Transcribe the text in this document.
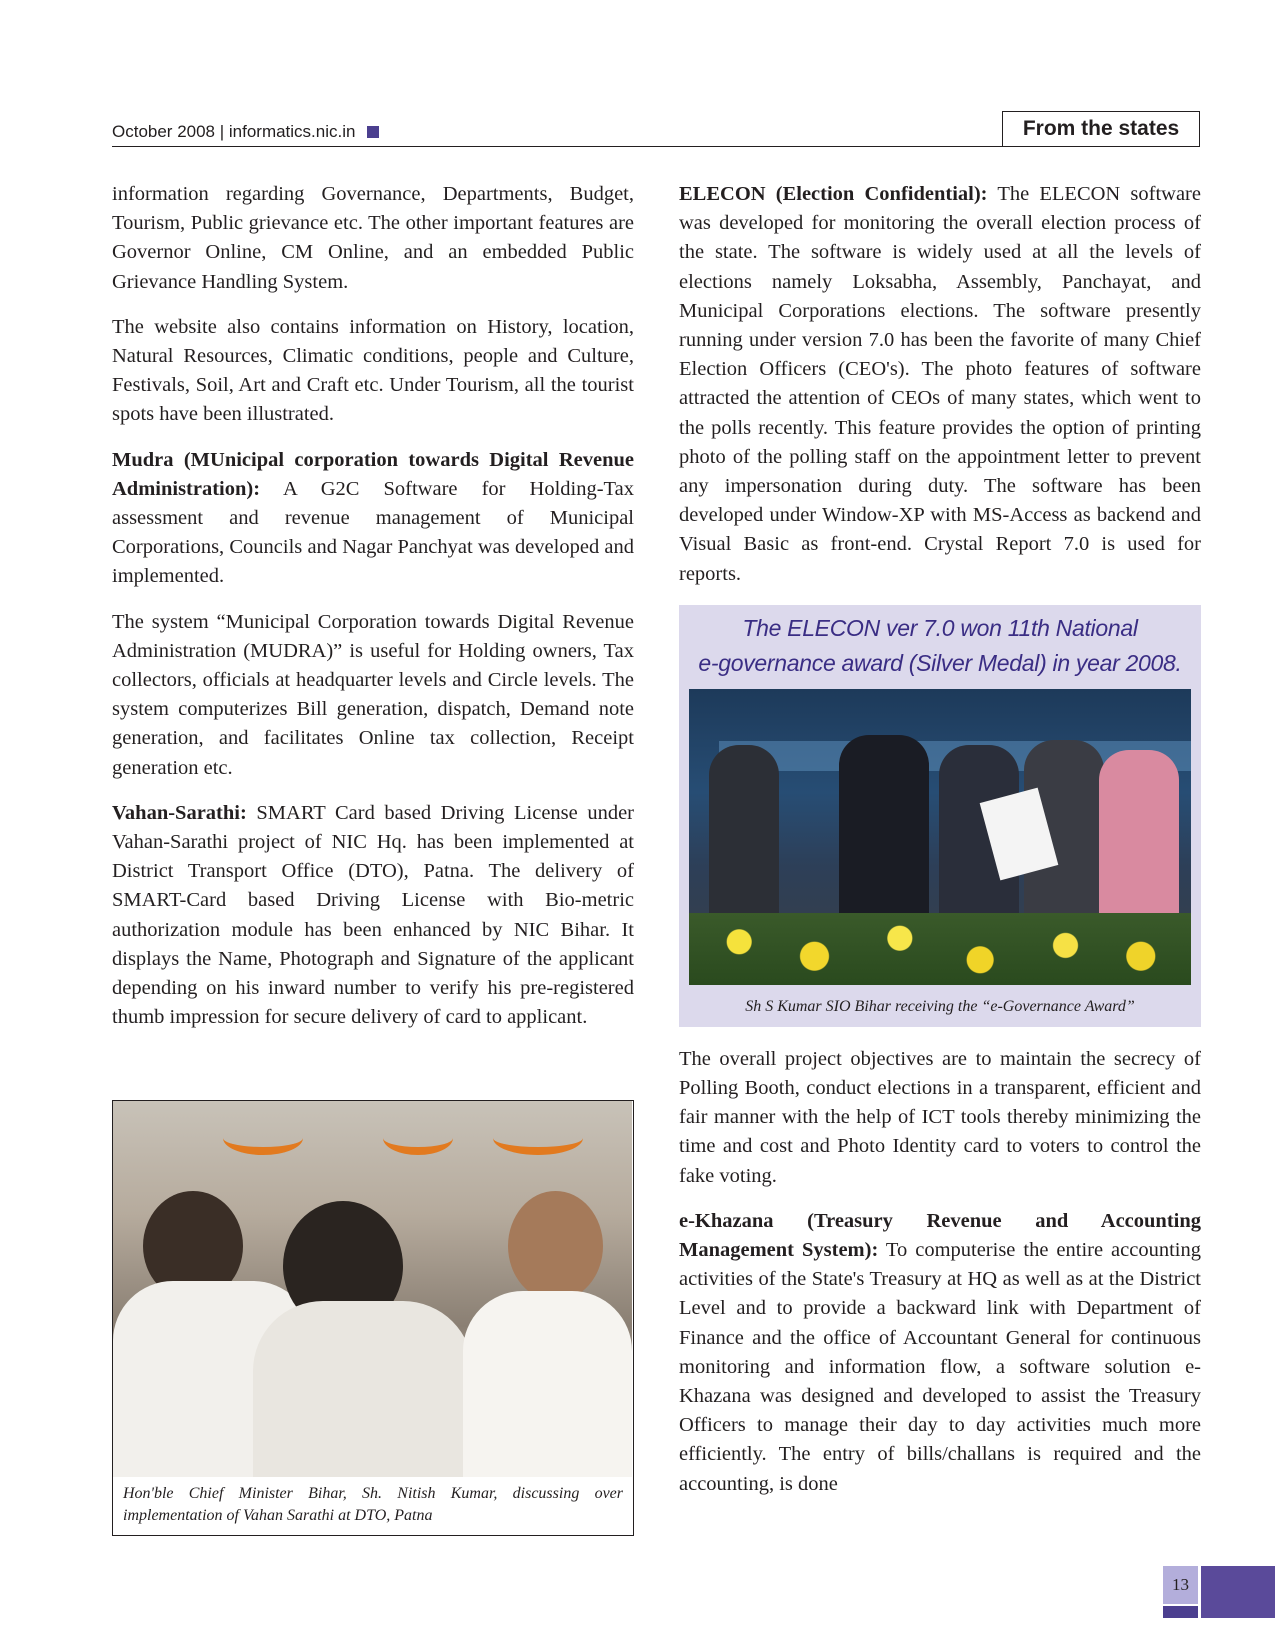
October 2008 | informatics.nic.in	From the states

information regarding Governance, Departments, Budget, Tourism, Public grievance etc. The other important features are Governor Online, CM Online, and an embedded Public Grievance Handling System.

The website also contains information on History, location, Natural Resources, Climatic conditions, people and Culture, Festivals, Soil, Art and Craft etc. Under Tourism, all the tourist spots have been illustrated.

Mudra (MUnicipal corporation towards Digital Revenue Administration): A G2C Software for Holding-Tax assessment and revenue management of Municipal Corporations, Councils and Nagar Panchyat was developed and implemented.

The system “Municipal Corporation towards Digital Revenue Administration (MUDRA)” is useful for Holding owners, Tax collectors, officials at headquarter levels and Circle levels. The system computerizes Bill generation, dispatch, Demand note generation, and facilitates Online tax collection, Receipt generation etc.

Vahan-Sarathi: SMART Card based Driving License under Vahan-Sarathi project of NIC Hq. has been implemented at District Transport Office (DTO), Patna. The delivery of SMART-Card based Driving License with Bio-metric authorization module has been enhanced by NIC Bihar. It displays the Name, Photograph and Signature of the applicant depending on his inward number to verify his pre-registered thumb impression for secure delivery of card to applicant.

Hon'ble Chief Minister Bihar, Sh. Nitish Kumar, discussing over implementation of Vahan Sarathi at DTO, Patna

ELECON (Election Confidential): The ELECON software was developed for monitoring the overall election process of the state. The software is widely used at all the levels of elections namely Loksabha, Assembly, Panchayat, and Municipal Corporations elections. The software presently running under version 7.0 has been the favorite of many Chief Election Officers (CEO's). The photo features of software attracted the attention of CEOs of many states, which went to the polls recently. This feature provides the option of printing photo of the polling staff on the appointment letter to prevent any impersonation during duty. The software has been developed under Window-XP with MS-Access as backend and Visual Basic as front-end. Crystal Report 7.0 is used for reports.

The ELECON ver 7.0 won 11th National
e-governance award (Silver Medal) in year 2008.
Sh S Kumar SIO Bihar receiving the “e-Governance Award”

The overall project objectives are to maintain the secrecy of Polling Booth, conduct elections in a transparent, efficient and fair manner with the help of ICT tools thereby minimizing the time and cost and Photo Identity card to voters to control the fake voting.

e-Khazana (Treasury Revenue and Accounting Management System): To computerise the entire accounting activities of the State's Treasury at HQ as well as at the District Level and to provide a backward link with Department of Finance and the office of Accountant General for continuous monitoring and information flow, a software solution e-Khazana was designed and developed to assist the Treasury Officers to manage their day to day activities much more efficiently. The entry of bills/challans is required and the accounting, is done

13
